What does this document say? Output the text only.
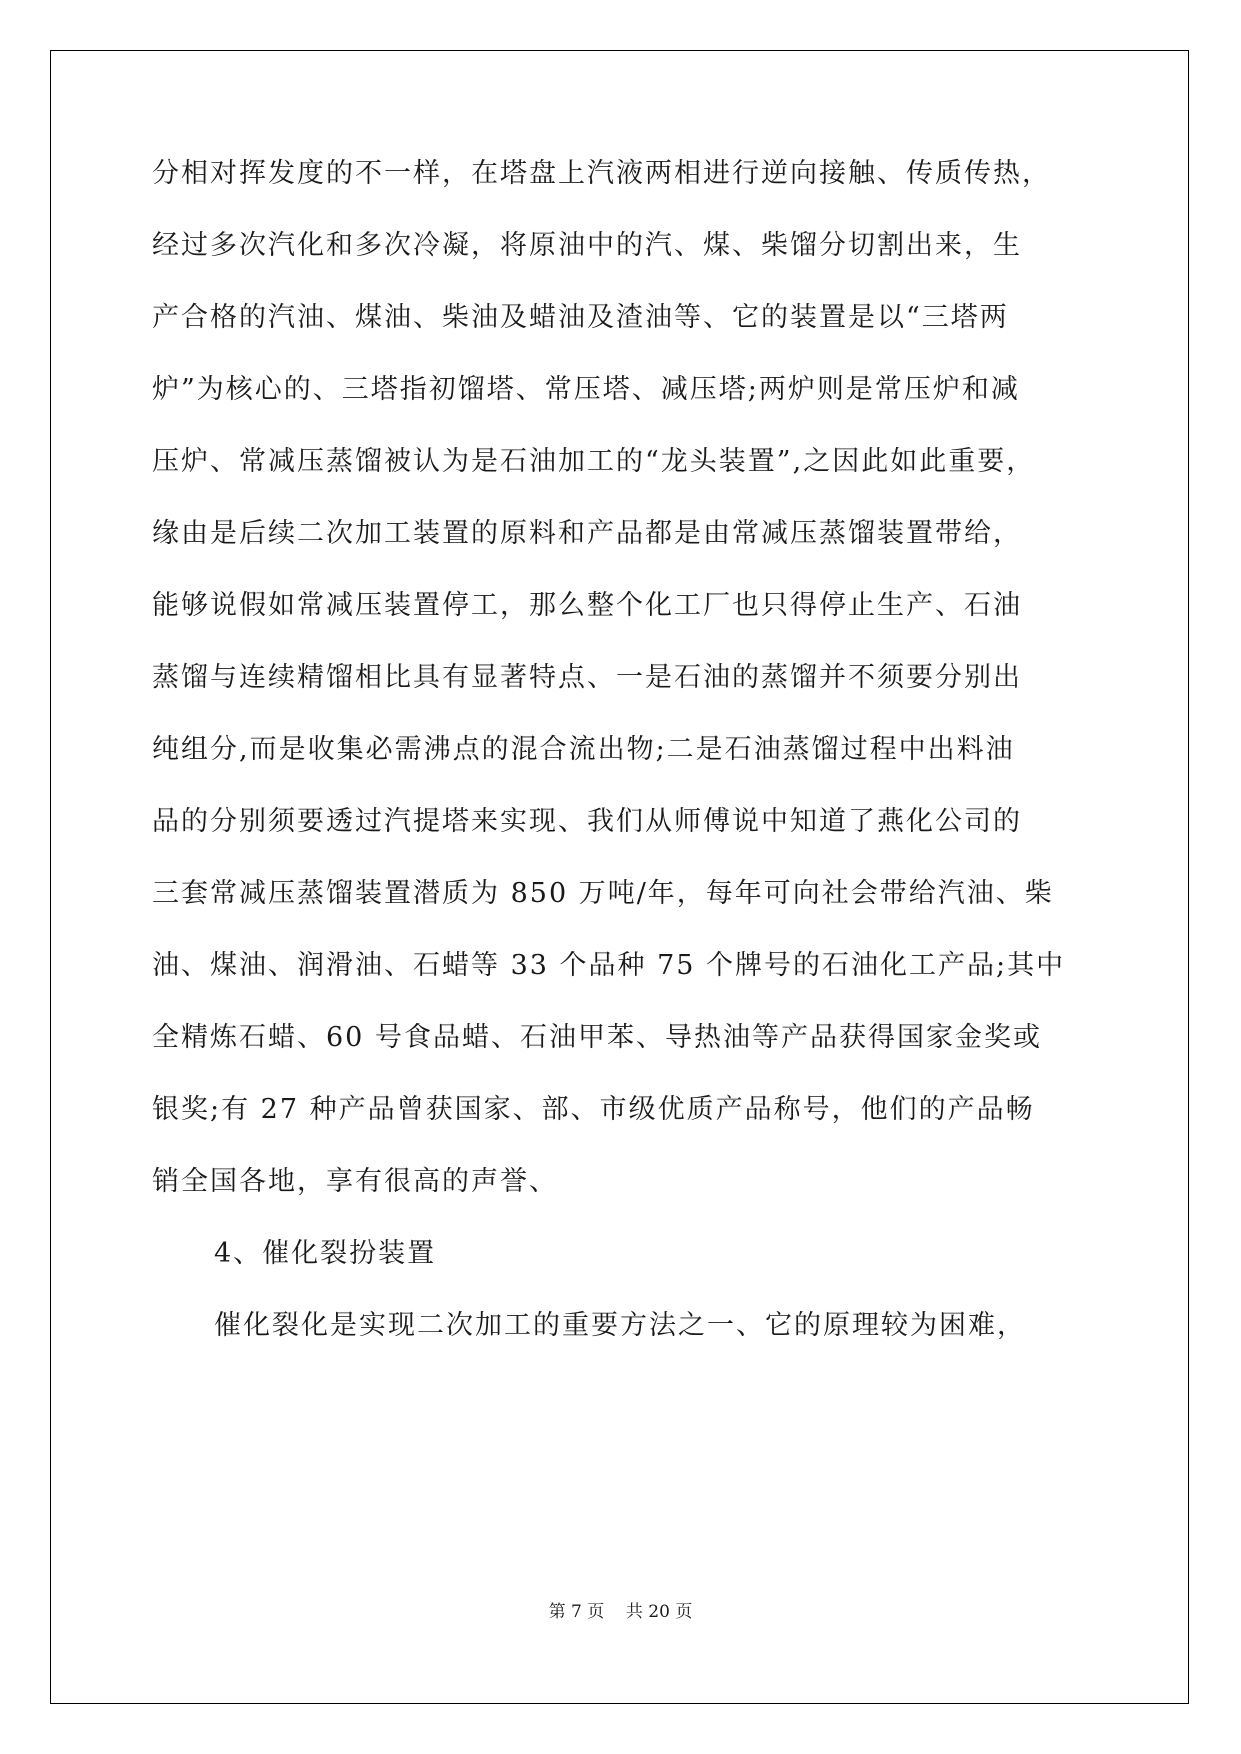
分相对挥发度的不一样，在塔盘上汽液两相进行逆向接触、传质传热，
经过多次汽化和多次冷凝，将原油中的汽、煤、柴馏分切割出来，生
产合格的汽油、煤油、柴油及蜡油及渣油等、它的装置是以“三塔两
炉”为核心的、三塔指初馏塔、常压塔、减压塔;两炉则是常压炉和减
压炉、常减压蒸馏被认为是石油加工的“龙头装置”,之因此如此重要，
缘由是后续二次加工装置的原料和产品都是由常减压蒸馏装置带给，
能够说假如常减压装置停工，那么整个化工厂也只得停止生产、石油
蒸馏与连续精馏相比具有显著特点、一是石油的蒸馏并不须要分别出
纯组分,而是收集必需沸点的混合流出物;二是石油蒸馏过程中出料油
品的分别须要透过汽提塔来实现、我们从师傅说中知道了燕化公司的
三套常减压蒸馏装置潜质为 850 万吨/年，每年可向社会带给汽油、柴
油、煤油、润滑油、石蜡等 33 个品种 75 个牌号的石油化工产品;其中
全精炼石蜡、60 号食品蜡、石油甲苯、导热油等产品获得国家金奖或
银奖;有 27 种产品曾获国家、部、市级优质产品称号，他们的产品畅
销全国各地，享有很高的声誉、
4、催化裂扮装置
催化裂化是实现二次加工的重要方法之一、它的原理较为困难，
第 7 页    共 20 页
